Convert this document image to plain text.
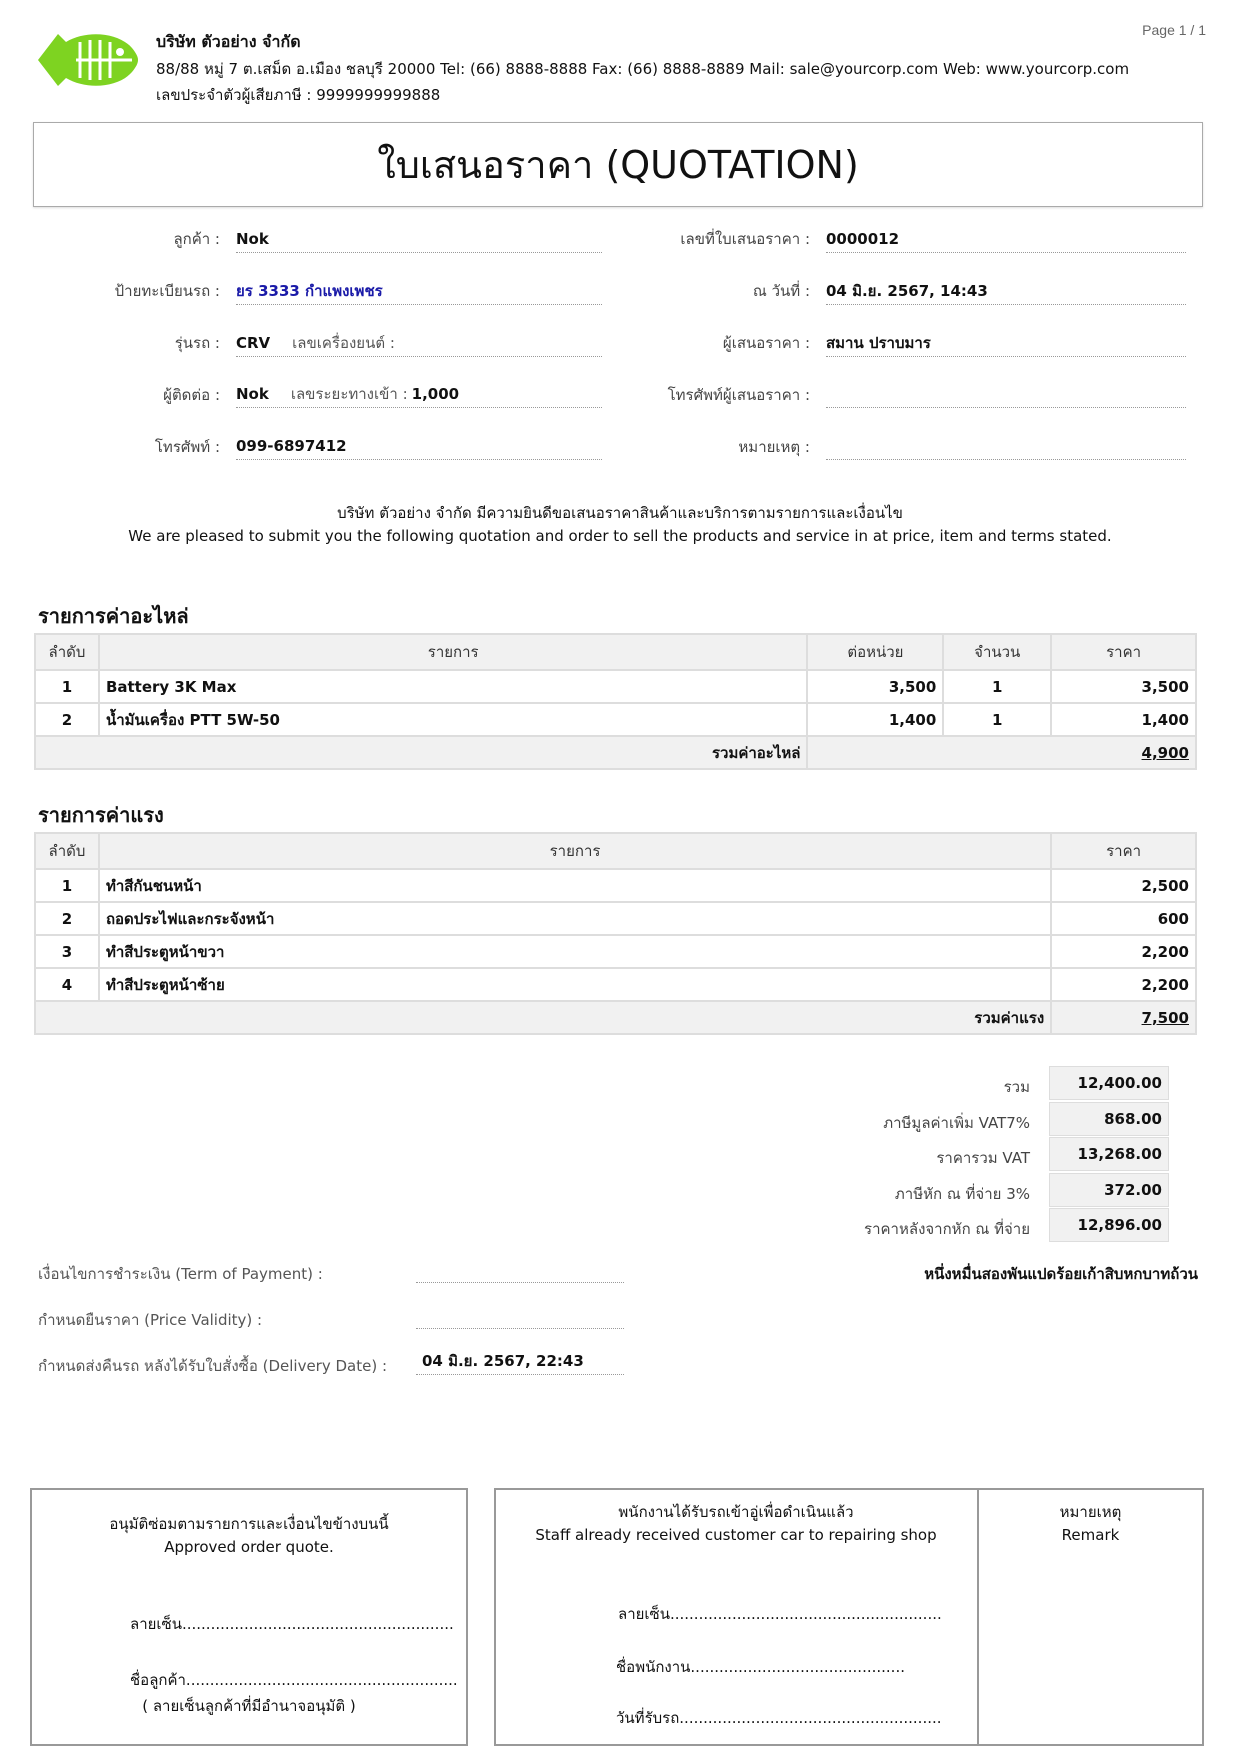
บริษัท ตัวอย่าง จำกัด
88/88 หมู่ 7 ต.เสม็ด อ.เมือง ชลบุรี 20000 Tel: (66) 8888-8888 Fax: (66) 8888-8889 Mail: sale@yourcorp.com Web: www.yourcorp.com
เลขประจำตัวผู้เสียภาษี : 9999999999888
Page 1 / 1
ใบเสนอราคา (QUOTATION)
ลูกค้า : Nok
ป้ายทะเบียนรถ : ยร 3333 กำแพงเพชร
รุ่นรถ : CRV เลขเครื่องยนต์ :
ผู้ติดต่อ : Nok เลขระยะทางเข้า : 1,000
โทรศัพท์ : 099-6897412
เลขที่ใบเสนอราคา : 0000012
ณ วันที่ : 04 มิ.ย. 2567, 14:43
ผู้เสนอราคา : สมาน ปราบมาร
โทรศัพท์ผู้เสนอราคา :
หมายเหตุ :
บริษัท ตัวอย่าง จำกัด มีความยินดีขอเสนอราคาสินค้าและบริการตามรายการและเงื่อนไข
We are pleased to submit you the following quotation and order to sell the products and service in at price, item and terms stated.
รายการค่าอะไหล่
ลำดับ	รายการ	ต่อหน่วย	จำนวน	ราคา
1	Battery 3K Max	3,500	1	3,500
2	น้ำมันเครื่อง PTT 5W-50	1,400	1	1,400
รวมค่าอะไหล่		4,900		
รายการค่าแรง
ลำดับ	รายการ	ราคา
1	ทำสีกันชนหน้า	2,500
2	ถอดประไฟและกระจังหน้า	600
3	ทำสีประตูหน้าขวา	2,200
4	ทำสีประตูหน้าซ้าย	2,200
รวมค่าแรง		7,500
รวม	12,400.00
ภาษีมูลค่าเพิ่ม VAT7%	868.00
ราคารวม VAT	13,268.00
ภาษีหัก ณ ที่จ่าย 3%	372.00
ราคาหลังจากหัก ณ ที่จ่าย	12,896.00
หนึ่งหมื่นสองพันแปดร้อยเก้าสิบหกบาทถ้วน
เงื่อนไขการชำระเงิน (Term of Payment) :
กำหนดยืนราคา (Price Validity) :
กำหนดส่งคืนรถ หลังได้รับใบสั่งซื้อ (Delivery Date) :	04 มิ.ย. 2567, 22:43
อนุมัติซ่อมตามรายการและเงื่อนไขข้างบนนี้
Approved order quote.
ลายเซ็น.........................................................
ชื่อลูกค้า.........................................................
( ลายเซ็นลูกค้าที่มีอำนาจอนุมัติ )
พนักงานได้รับรถเข้าอู่เพื่อดำเนินแล้ว
Staff already received customer car to repairing shop
ลายเซ็น.........................................................
ชื่อพนักงาน.............................................
วันที่รับรถ.......................................................
หมายเหตุ
Remark
